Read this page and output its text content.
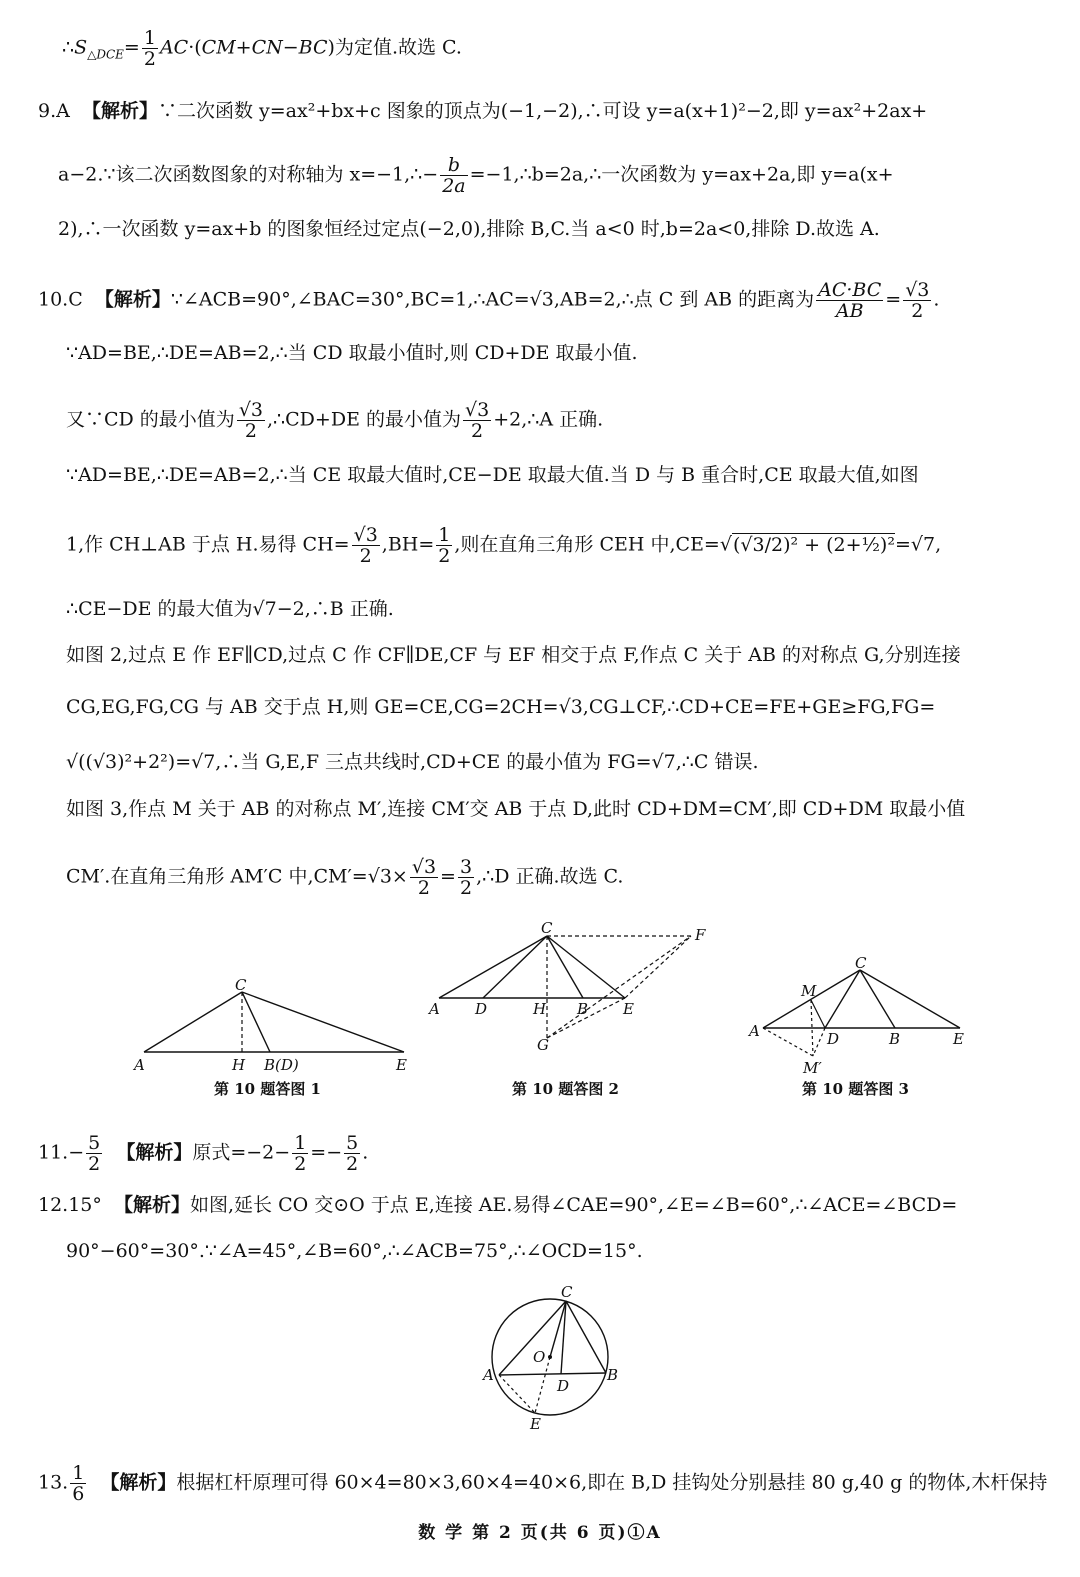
$\therefore S_{\triangle DCE}= \frac{1}{2} AC\cdot(CM+CN-BC)$为定值.故选 C.
9.A 【解析】∵二次函数 y=ax²+bx+c 图象的顶点为(−1,−2),∴可设 y=a(x+1)²−2,即 y=ax²+2ax+
a−2.∵该二次函数图象的对称轴为 x=−1,∴− $\frac{b}{2a}$ =−1,∴b=2a,∴一次函数为 y=ax+2a,即 y=a(x+
2),∴一次函数 y=ax+b 的图象恒经过定点(−2,0),排除 B,C.当 a<0 时,b=2a<0,排除 D.故选 A.
10.C 【解析】∵∠ACB=90°,∠BAC=30°,BC=1,∴AC=√3,AB=2,∴点 C 到 AB 的距离为 $\frac{AC\cdot BC}{AB} = \frac{√3}{2}$ .
∵AD=BE,∴DE=AB=2,∴当 CD 取最小值时,则 CD+DE 取最小值.
又∵CD 的最小值为 $\frac{√3}{2}$ ,∴CD+DE 的最小值为 $\frac{√3}{2}$ +2,∴A 正确.
∵AD=BE,∴DE=AB=2,∴当 CE 取最大值时,CE−DE 取最大值.当 D 与 B 重合时,CE 取最大值,如图
1,作 CH⊥AB 于点 H.易得 $CH= \frac{√3}{2} ,BH= \frac{1}{2}$ ,则在直角三角形 CEH 中,CE=√(√3/2)² + (2+½)²=√7,
∴CE−DE 的最大值为√7−2,∴B 正确.
如图 2,过点 E 作 EF∥CD,过点 C 作 CF∥DE,CF 与 EF 相交于点 F,作点 C 关于 AB 的对称点 G,分别连接
CG,EG,FG,CG 与 AB 交于点 H,则 GE=CE,CG=2CH=√3,CG⊥CF,∴CD+CE=FE+GE≥FG,FG=
√((√3)²+2²)=√7,∴当 G,E,F 三点共线时,CD+CE 的最小值为 FG=√7,∴C 错误.
如图 3,作点 M 关于 AB 的对称点 M′,连接 CM′交 AB 于点 D,此时 CD+DM=CM′,即 CD+DM 取最小值
CM′.在直角三角形 AM′C 中$,CM'=√3\times \frac{√3}{2} = \frac{3}{2}$ ,∴D 正确.故选 C.
C
A	H B(D)	E
第 10 题答图 1
C	F
A D	H B E
G
第 10 题答图 2
C
M
A	D	B	E
M′
第 10 题答图 3
$11.- \frac{5}{2}$ 【解析】原式$=-2- \frac{1}{2} =- \frac{5}{2}$ .
12.15° 【解析】如图,延长 CO 交⊙O 于点 E,连接 AE.易得∠CAE=90°,∠E=∠B=60°,∴∠ACE=∠BCD=
90°−60°=30°.∵∠A=45°,∠B=60°,∴∠ACB=75°,∴∠OCD=15°.
C
O
A
D
B
E
13. $\frac{1}{6}$ 【解析】根据杠杆原理可得 60×4=80×3,60×4=40×6,即在 B,D 挂钩处分别悬挂 80 g,40 g 的物体,木杆保持
数 学 第 2 页(共 6 页)①A
